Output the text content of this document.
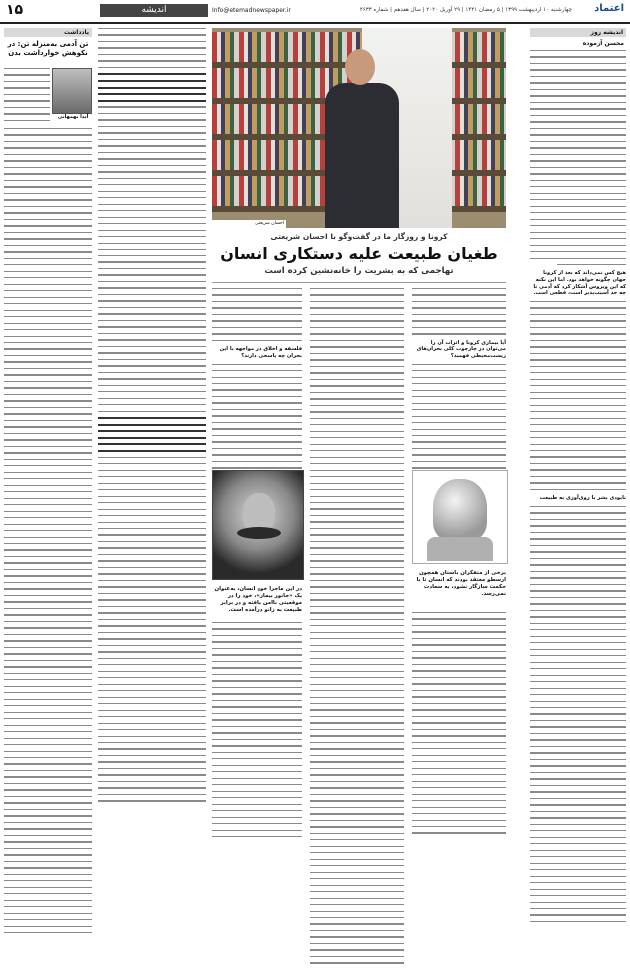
۱۵	اندیشه	Info@etemadnewspaper.ir	چهارشنبه ۱۰ اردیبهشت ۱۳۹۹ | ۵ رمضان ۱۴۴۱ | ۲۹ آوریل ۲۰۲۰ | سال هفدهم | شماره ۴۶۳۳	اعتماد
اندیشه روز
محسن آزموده
هیچ کس نمی‌داند که بعد از کرونا جهان چگونه خواهد بود. اما این نکته که این ویروس آشکار کرد که آدمی تا چه حد آسیب‌پذیر است، قطعی است.
نابودی بشر با روی‌آوری به طبیعت
یادداشت
تن آدمی به‌منزله تن: در نکوهش خوارداشت بدن
آیدا بهمهانی
احسان شریعتی
کرونا و روزگار ما در گفت‌وگو با احسان شریعتی
طغیان طبیعت علیه دستکاری انسان
تهاجمی که به‌ بشریت را خانه‌نشین کرده است
فلسفه و اخلاق در مواجهه با این بحران چه پاسخی دارند؟
آیا بیماری کرونا و اثرات آن را می‌توان در چارچوب کلی بحران‌های زیست‌محیطی فهمید؟
در این ماجرا خودِ انسان، به‌عنوان یک «جانور بیمار»، خود را در موقعیتی ناامن یافته و در برابر طبیعت به زانو درآمده است.
برخی از متفکران باستان همچون ارسطو معتقد بودند که انسان تا با حکمت سازگار نشود، به سعادت نمی‌رسد.
